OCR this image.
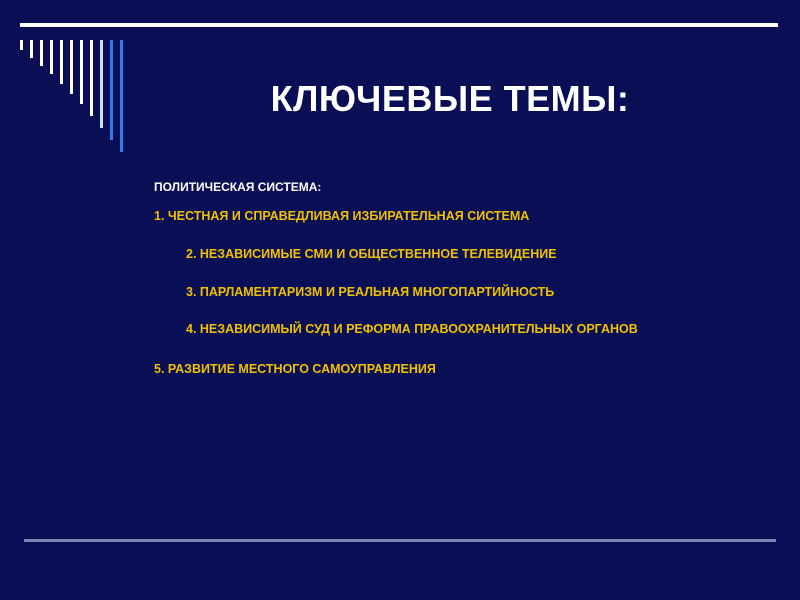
КЛЮЧЕВЫЕ ТЕМЫ:
ПОЛИТИЧЕСКАЯ СИСТЕМА:
1. ЧЕСТНАЯ И СПРАВЕДЛИВАЯ ИЗБИРАТЕЛЬНАЯ СИСТЕМА
2. НЕЗАВИСИМЫЕ СМИ И ОБЩЕСТВЕННОЕ ТЕЛЕВИДЕНИЕ
3. ПАРЛАМЕНТАРИЗМ И РЕАЛЬНАЯ МНОГОПАРТИЙНОСТЬ
4. НЕЗАВИСИМЫЙ СУД И РЕФОРМА ПРАВООХРАНИТЕЛЬНЫХ ОРГАНОВ
5. РАЗВИТИЕ МЕСТНОГО САМОУПРАВЛЕНИЯ
